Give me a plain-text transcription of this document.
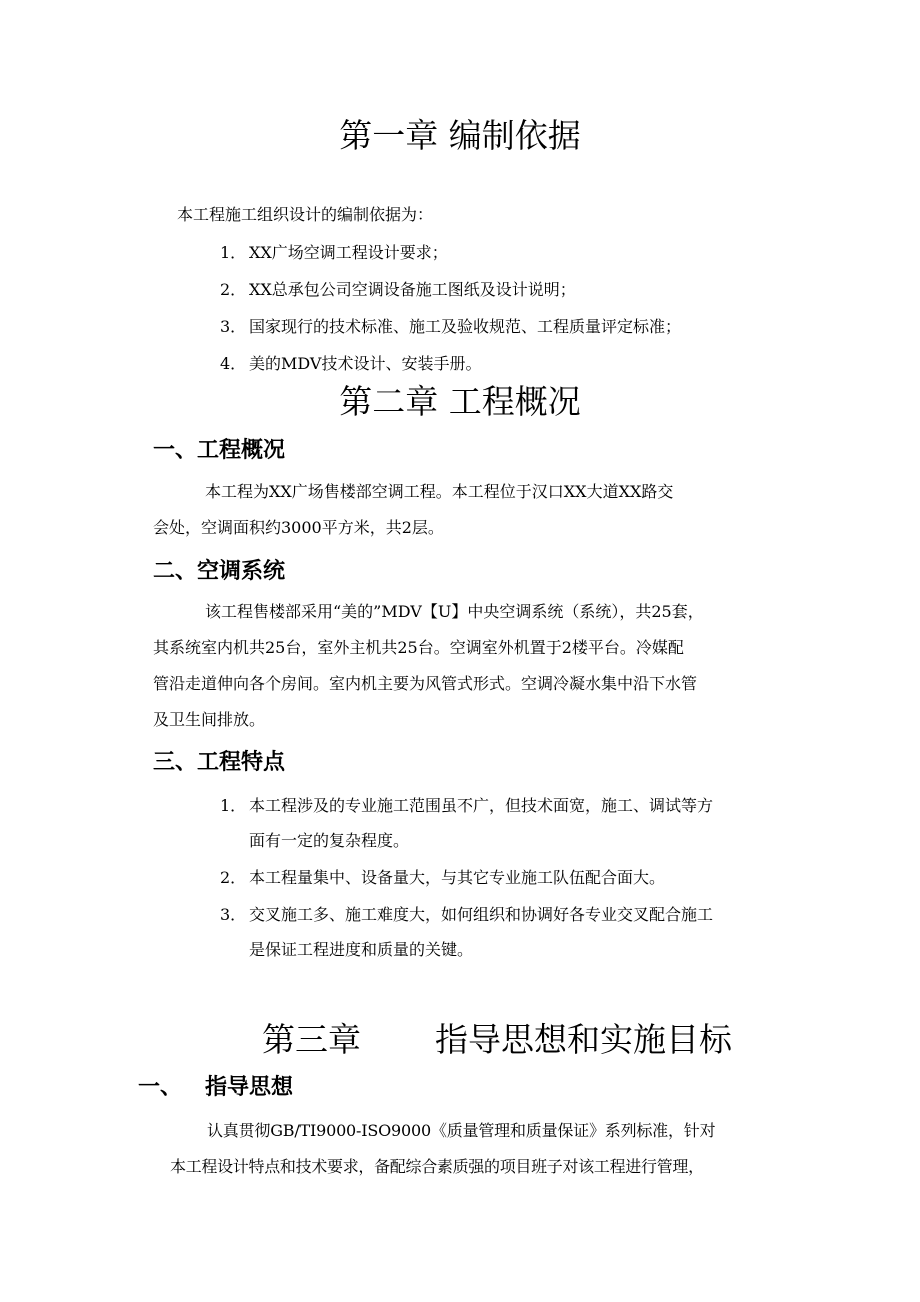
第一章 编制依据
本工程施工组织设计的编制依据为：
1． XX广场空调工程设计要求；
2． XX总承包公司空调设备施工图纸及设计说明；
3． 国家现行的技术标准、施工及验收规范、工程质量评定标准；
4． 美的MDV技术设计、安装手册。
第二章 工程概况
一、工程概况
本工程为XX广场售楼部空调工程。本工程位于汉口XX大道XX路交
会处，空调面积约3000平方米，共2层。
二、空调系统
该工程售楼部采用“美的”MDV【U】中央空调系统（系统），共25套，
其系统室内机共25台，室外主机共25台。空调室外机置于2楼平台。冷媒配
管沿走道伸向各个房间。室内机主要为风管式形式。空调冷凝水集中沿下水管
及卫生间排放。
三、工程特点
1． 本工程涉及的专业施工范围虽不广，但技术面宽，施工、调试等方
面有一定的复杂程度。
2． 本工程量集中、设备量大，与其它专业施工队伍配合面大。
3． 交叉施工多、施工难度大，如何组织和协调好各专业交叉配合施工
是保证工程进度和质量的关键。
第三章 指导思想和实施目标
一、 指导思想
认真贯彻GB/TI9000-ISO9000《质量管理和质量保证》系列标准，针对
本工程设计特点和技术要求，备配综合素质强的项目班子对该工程进行管理，
